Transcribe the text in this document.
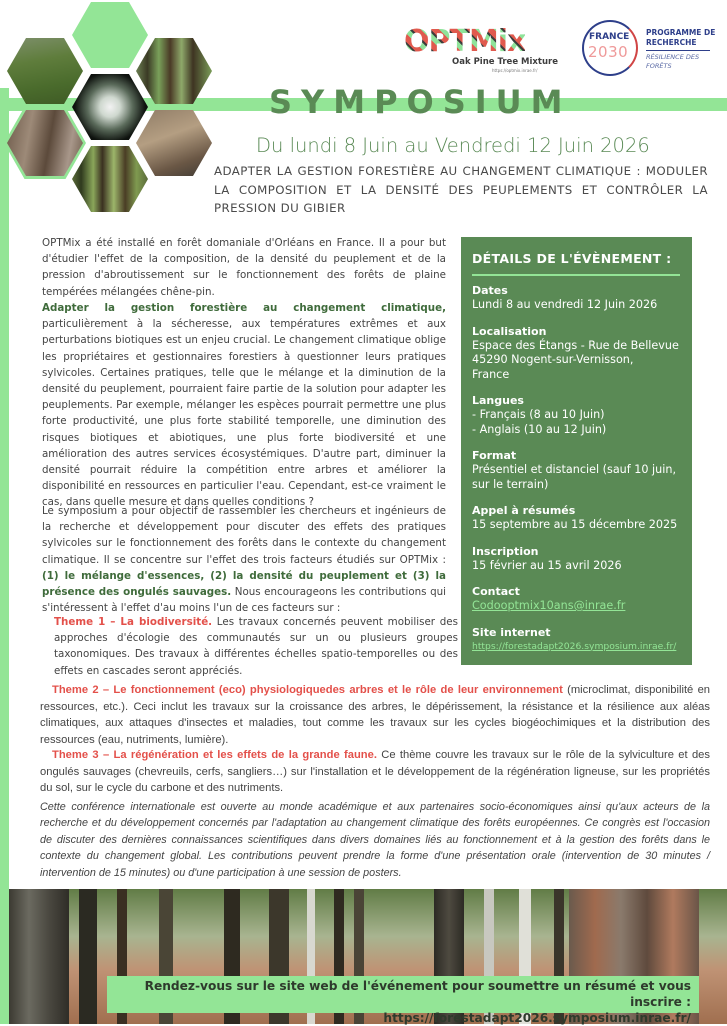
OPTMix
Oak Pine Tree Mixture
https://optmix.inrae.fr/
FRANCE
2030
PROGRAMME DE RECHERCHE
RÉSILIENCE DES FORÊTS
SYMPOSIUM
Du lundi 8 Juin au Vendredi 12 Juin 2026
ADAPTER LA GESTION FORESTIÈRE AU CHANGEMENT CLIMATIQUE : MODULER LA COMPOSITION ET LA DENSITÉ DES PEUPLEMENTS ET CONTRÔLER LA PRESSION DU GIBIER
OPTMix a été installé en forêt domaniale d'Orléans en France. Il a pour but d'étudier l'effet de la composition, de la densité du peuplement et de la pression d'abroutissement sur le fonctionnement des forêts de plaine tempérées mélangées chêne-pin.
Adapter la gestion forestière au changement climatique, particulièrement à la sécheresse, aux températures extrêmes et aux perturbations biotiques est un enjeu crucial. Le changement climatique oblige les propriétaires et gestionnaires forestiers à questionner leurs pratiques sylvicoles. Certaines pratiques, telle que le mélange et la diminution de la densité du peuplement, pourraient faire partie de la solution pour adapter les peuplements. Par exemple, mélanger les espèces pourrait permettre une plus forte productivité, une plus forte stabilité temporelle, une diminution des risques biotiques et abiotiques, une plus forte biodiversité et une amélioration des autres services écosystémiques. D'autre part, diminuer la densité pourrait réduire la compétition entre arbres et améliorer la disponibilité en ressources en particulier l'eau. Cependant, est-ce vraiment le cas, dans quelle mesure et dans quelles conditions ?
Le symposium a pour objectif de rassembler les chercheurs et ingénieurs de la recherche et développement pour discuter des effets des pratiques sylvicoles sur le fonctionnement des forêts dans le contexte du changement climatique. Il se concentre sur l'effet des trois facteurs étudiés sur OPTMix : (1) le mélange d'essences, (2) la densité du peuplement et (3) la présence des ongulés sauvages. Nous encourageons les contributions qui s'intéressent à l'effet d'au moins l'un de ces facteurs sur :
Theme 1 – La biodiversité. Les travaux concernés peuvent mobiliser des approches d'écologie des communautés sur un ou plusieurs groupes taxonomiques. Des travaux à différentes échelles spatio-temporelles ou des effets en cascades seront appréciés.
Theme 2 – Le fonctionnement (eco) physiologiquedes arbres et le rôle de leur environnement (microclimat, disponibilité en ressources, etc.). Ceci inclut les travaux sur la croissance des arbres, le dépérissement, la résistance et la résilience aux aléas climatiques, aux attaques d'insectes et maladies, tout comme les travaux sur les cycles biogéochimiques et la distribution des ressources (eau, nutriments, lumière).
Theme 3 – La régénération et les effets de la grande faune. Ce thème couvre les travaux sur le rôle de la sylviculture et des ongulés sauvages (chevreuils, cerfs, sangliers…) sur l'installation et le développement de la régénération ligneuse, sur les propriétés du sol, sur le cycle du carbone et des nutriments.
Cette conférence internationale est ouverte au monde académique et aux partenaires socio-économiques ainsi qu'aux acteurs de la recherche et du développement concernés par l'adaptation au changement climatique des forêts européennes. Ce congrès est l'occasion de discuter des dernières connaissances scientifiques dans divers domaines liés au fonctionnement et à la gestion des forêts dans le contexte du changement global. Les contributions peuvent prendre la forme d'une présentation orale (intervention de 30 minutes / intervention de 15 minutes) ou d'une participation à une session de posters.
DÉTAILS DE L'ÉVÈNEMENT :
Dates
Lundi 8 au vendredi 12 Juin 2026
Localisation
Espace des Étangs - Rue de Bellevue
45290 Nogent-sur-Vernisson,
France
Langues
- Français (8 au 10 Juin)
- Anglais (10 au 12 Juin)
Format
Présentiel et distanciel (sauf 10 juin, sur le terrain)
Appel à résumés
15 septembre au 15 décembre 2025
Inscription
15 février au 15 avril 2026
Contact
Codooptmix10ans@inrae.fr
Site internet
https://forestadapt2026.symposium.inrae.fr/
Rendez-vous sur le site web de l'événement pour soumettre un résumé et vous inscrire :
https://forestadapt2026.symposium.inrae.fr/
